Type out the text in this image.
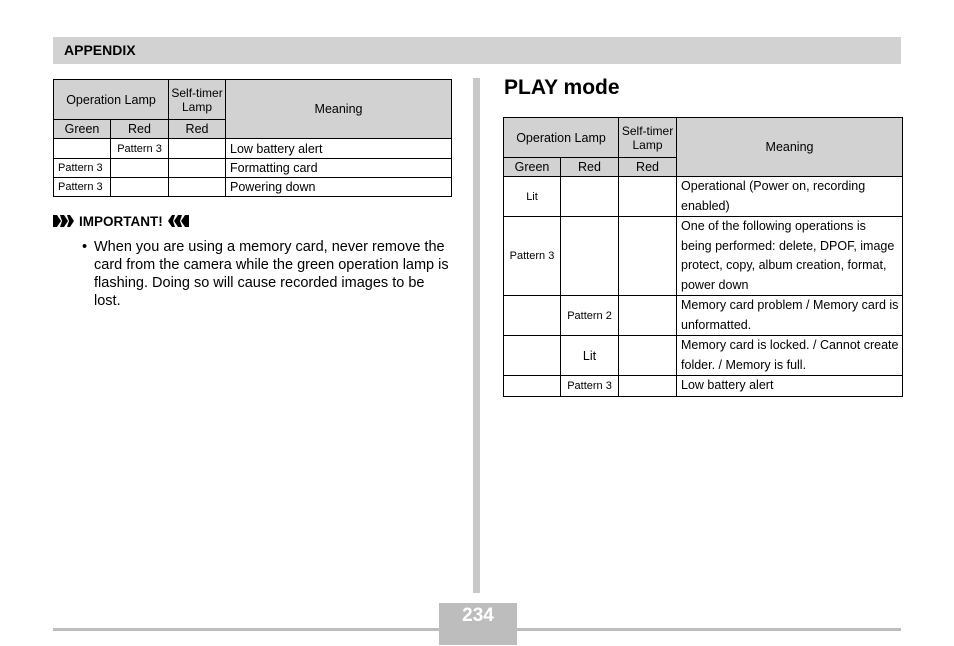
APPENDIX
Operation Lamp		Self-timer Lamp	Meaning
Green	Red	Red	
	Pattern 3		Low battery alert
Pattern 3			Formatting card
Pattern 3			Powering down
IMPORTANT!
• When you are using a memory card, never remove the card from the camera while the green operation lamp is flashing. Doing so will cause recorded images to be lost.
PLAY mode
Operation Lamp		Self-timer Lamp	Meaning
Green	Red	Red	
Lit			Operational (Power on, recording enabled)
Pattern 3			One of the following operations is being performed: delete, DPOF, image protect, copy, album creation, format, power down
	Pattern 2		Memory card problem / Memory card is unformatted.
	Lit		Memory card is locked. / Cannot create folder. / Memory is full.
	Pattern 3		Low battery alert
234
